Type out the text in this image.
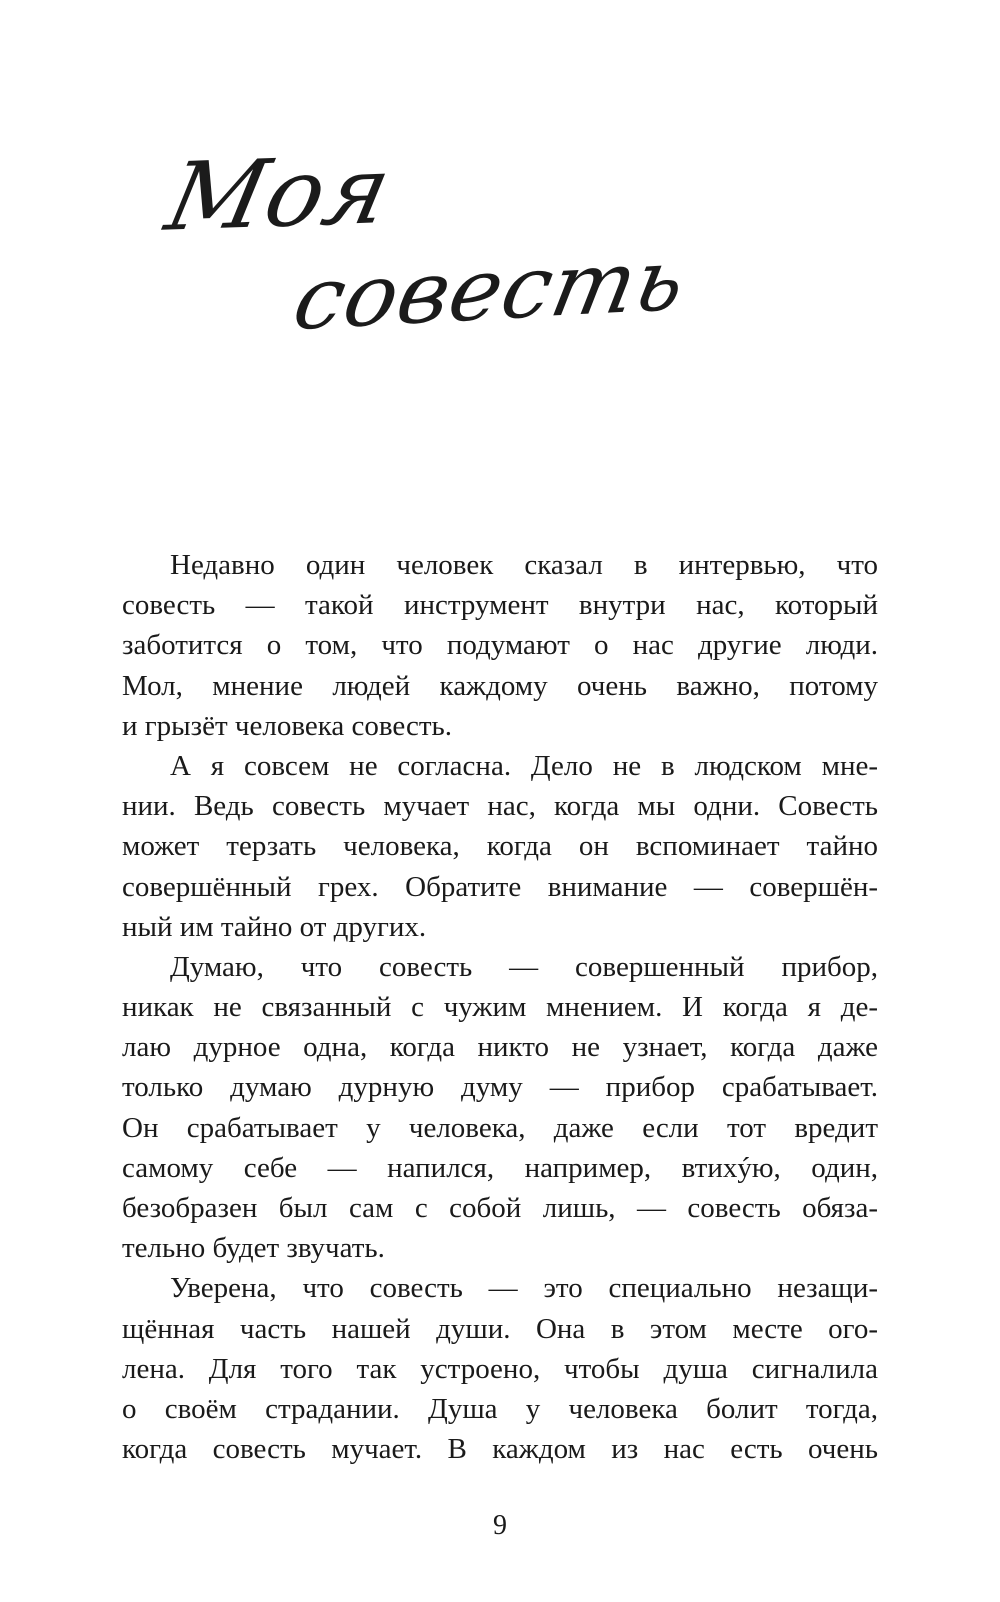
Моя
совесть
Недавно один человек сказал в интервью, что
совесть — такой инструмент внутри нас, который
заботится о том, что подумают о нас другие люди.
Мол, мнение людей каждому очень важно, потому
и грызёт человека совесть.
А я совсем не согласна. Дело не в людском мне-
нии. Ведь совесть мучает нас, когда мы одни. Совесть
может терзать человека, когда он вспоминает тайно
совершённый грех. Обратите внимание — совершён-
ный им тайно от других.
Думаю, что совесть — совершенный прибор,
никак не связанный с чужим мнением. И когда я де-
лаю дурное одна, когда никто не узнает, когда даже
только думаю дурную думу — прибор срабатывает.
Он срабатывает у человека, даже если тот вредит
самому себе — напился, например, втихýю, один,
безобразен был сам с собой лишь, — совесть обяза-
тельно будет звучать.
Уверена, что совесть — это специально незащи-
щённая часть нашей души. Она в этом месте ого-
лена. Для того так устроено, чтобы душа сигналила
о своём страдании. Душа у человека болит тогда,
когда совесть мучает. В каждом из нас есть очень
9
